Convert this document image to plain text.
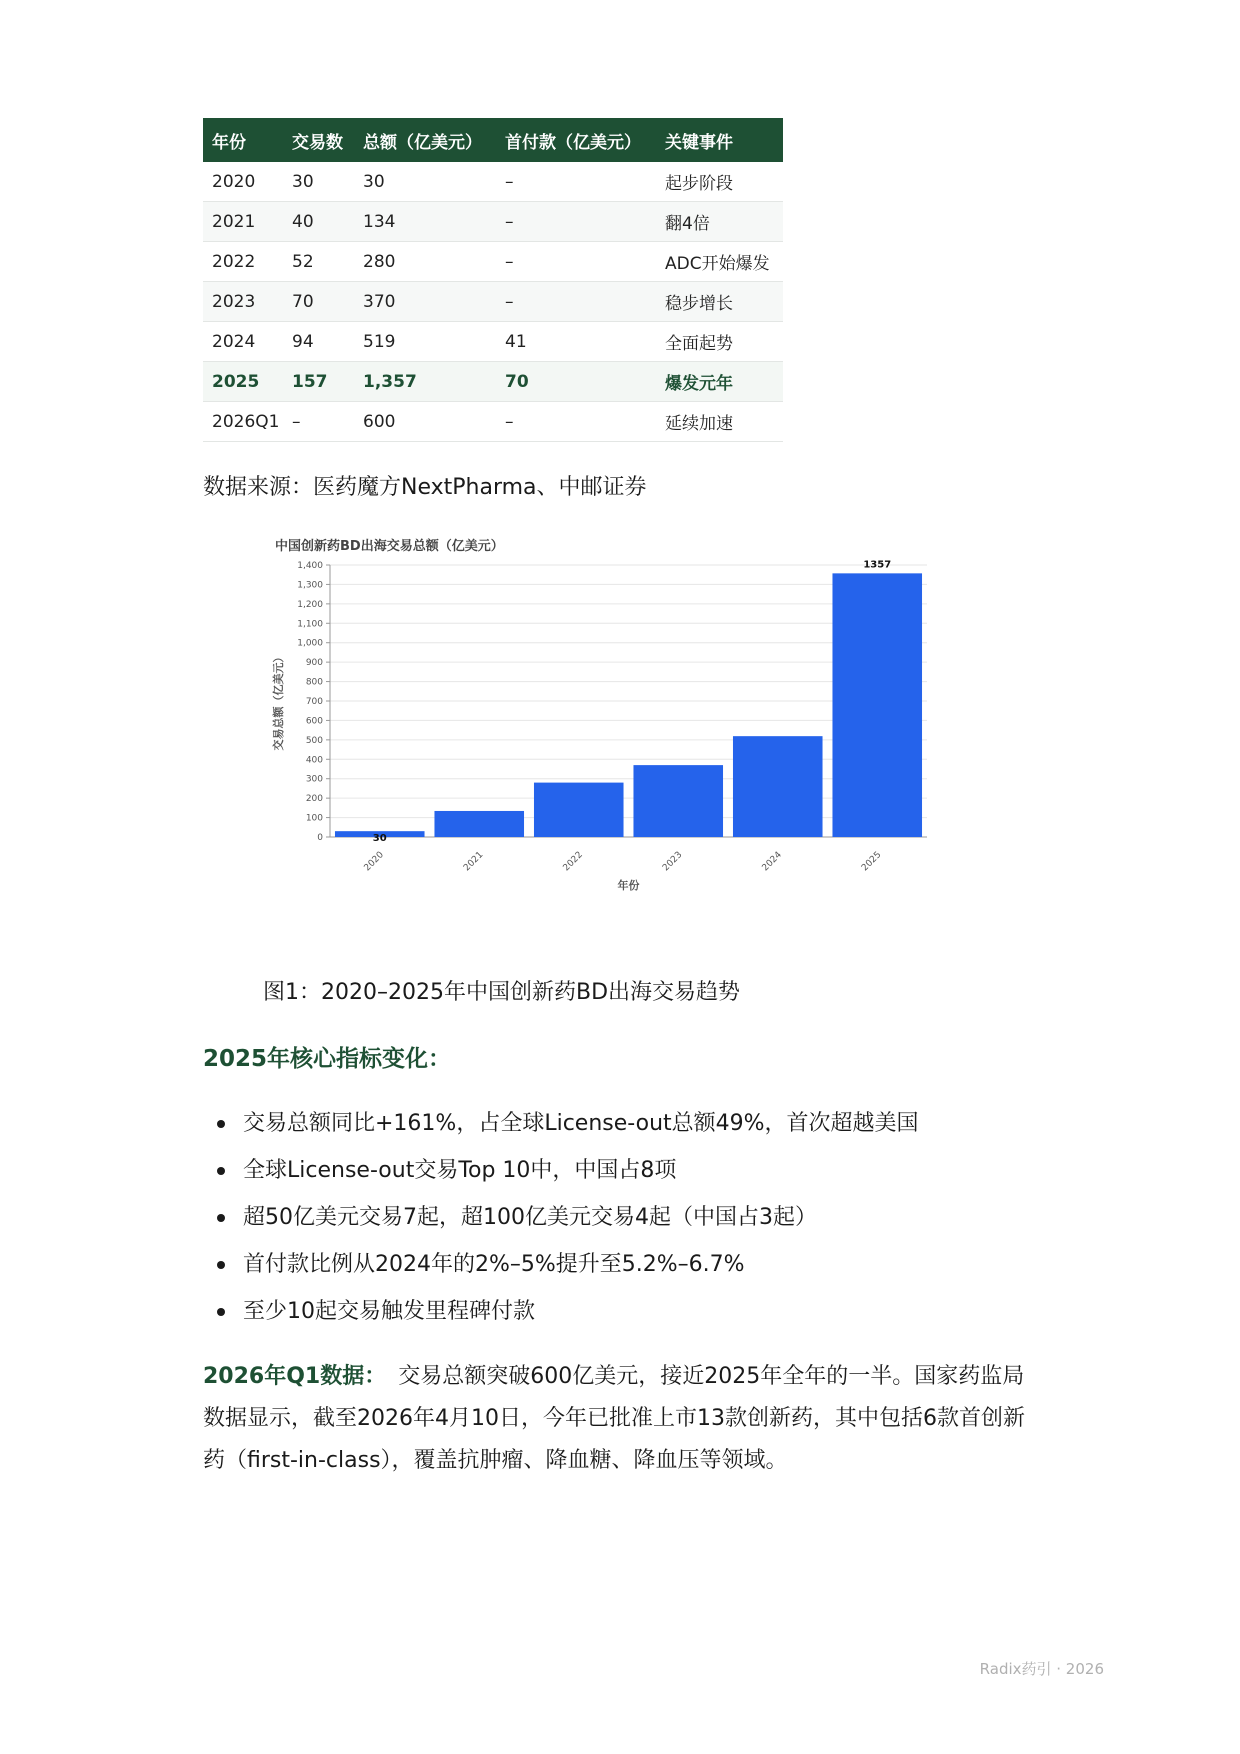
年份	交易数	总额（亿美元）	首付款（亿美元）	关键事件
2020	30	30	–	起步阶段
2021	40	134	–	翻4倍
2022	52	280	–	ADC开始爆发
2023	70	370	–	稳步增长
2024	94	519	41	全面起势
2025	157	1,357	70	爆发元年
2026Q1	–	600	–	延续加速

数据来源：医药魔方NextPharma、中邮证券

中国创新药BD出海交易总额（亿美元）
0
100
200
300
400
500
600
700
800
900
1,000
1,100
1,200
1,300
1,400
2020
30
2021	2022	2023	2024	2025
1357
年份
交易总额（亿美元）

图1：2020–2025年中国创新药BD出海交易趋势

2025年核心指标变化：
交易总额同比+161%，占全球License-out总额49%，首次超越美国
全球License-out交易Top 10中，中国占8项
超50亿美元交易7起，超100亿美元交易4起（中国占3起）
首付款比例从2024年的2%–5%提升至5.2%–6.7%
至少10起交易触发里程碑付款

2026年Q1数据： 交易总额突破600亿美元，接近2025年全年的一半。国家药监局数据显示，截至2026年4月10日，今年已批准上市13款创新药，其中包括6款首创新药（first-in-class），覆盖抗肿瘤、降血糖、降血压等领域。

Radix药引 · 2026
